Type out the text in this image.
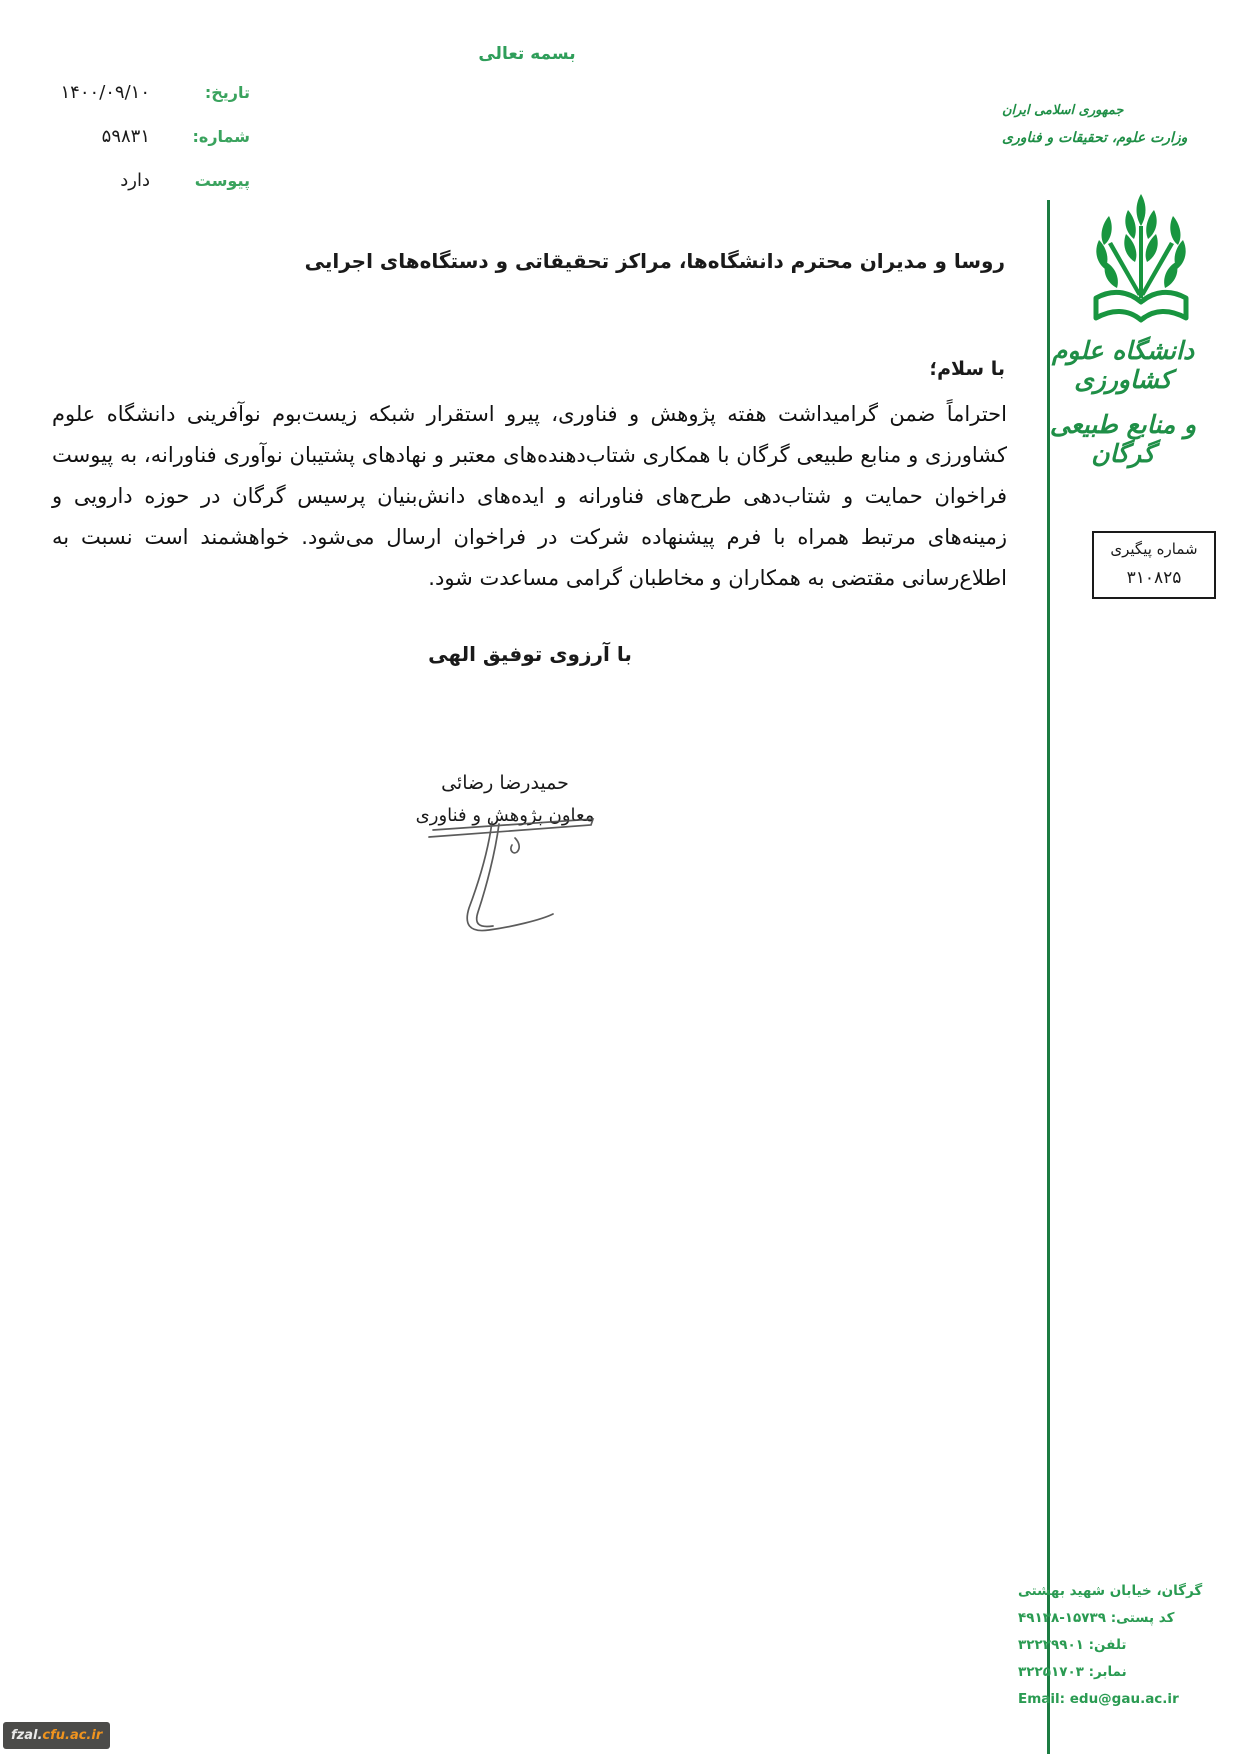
بسمه تعالی
تاریخ:
۱۴۰۰/۰۹/۱۰
شماره:
۵۹۸۳۱
پیوست
دارد
روسا و مدیران محترم دانشگاه‌ها، مراکز تحقیقاتی و دستگاه‌های اجرایی
با سلام؛
احتراماً ضمن گرامیداشت هفته پژوهش و فناوری، پیرو استقرار شبکه زیست‌بوم نوآفرینی دانشگاه علوم کشاورزی و منابع طبیعی گرگان با همکاری شتاب‌دهنده‌های معتبر و نهادهای پشتیبان نوآوری فناورانه، به پیوست فراخوان حمایت و شتاب‌دهی طرح‌های فناورانه و ایده‌های دانش‌بنیان پرسیس گرگان در حوزه دارویی و زمینه‌های مرتبط همراه با فرم پیشنهاده شرکت در فراخوان ارسال می‌شود. خواهشمند است نسبت به اطلاع‌رسانی مقتضی به همکاران و مخاطبان گرامی مساعدت شود.
با آرزوی توفیق الهی
حمیدرضا رضائی
معاون پژوهش و فناوری
جمهوری اسلامی ایران
وزارت علوم، تحقیقات و فناوری
دانشگاه علوم کشاورزی
و منابع طبیعی گرگان
شماره پیگیری
۳۱۰۸۲۵
گرگان، خیابان شهید بهشتی
کد پستی: ۴۹۱۳۸-۱۵۷۳۹
تلفن: ۳۲۲۲۹۹۰۱
نمابر: ۳۲۲۵۱۷۰۳
Email: edu@gau.ac.ir
fzal.cfu.ac.ir
